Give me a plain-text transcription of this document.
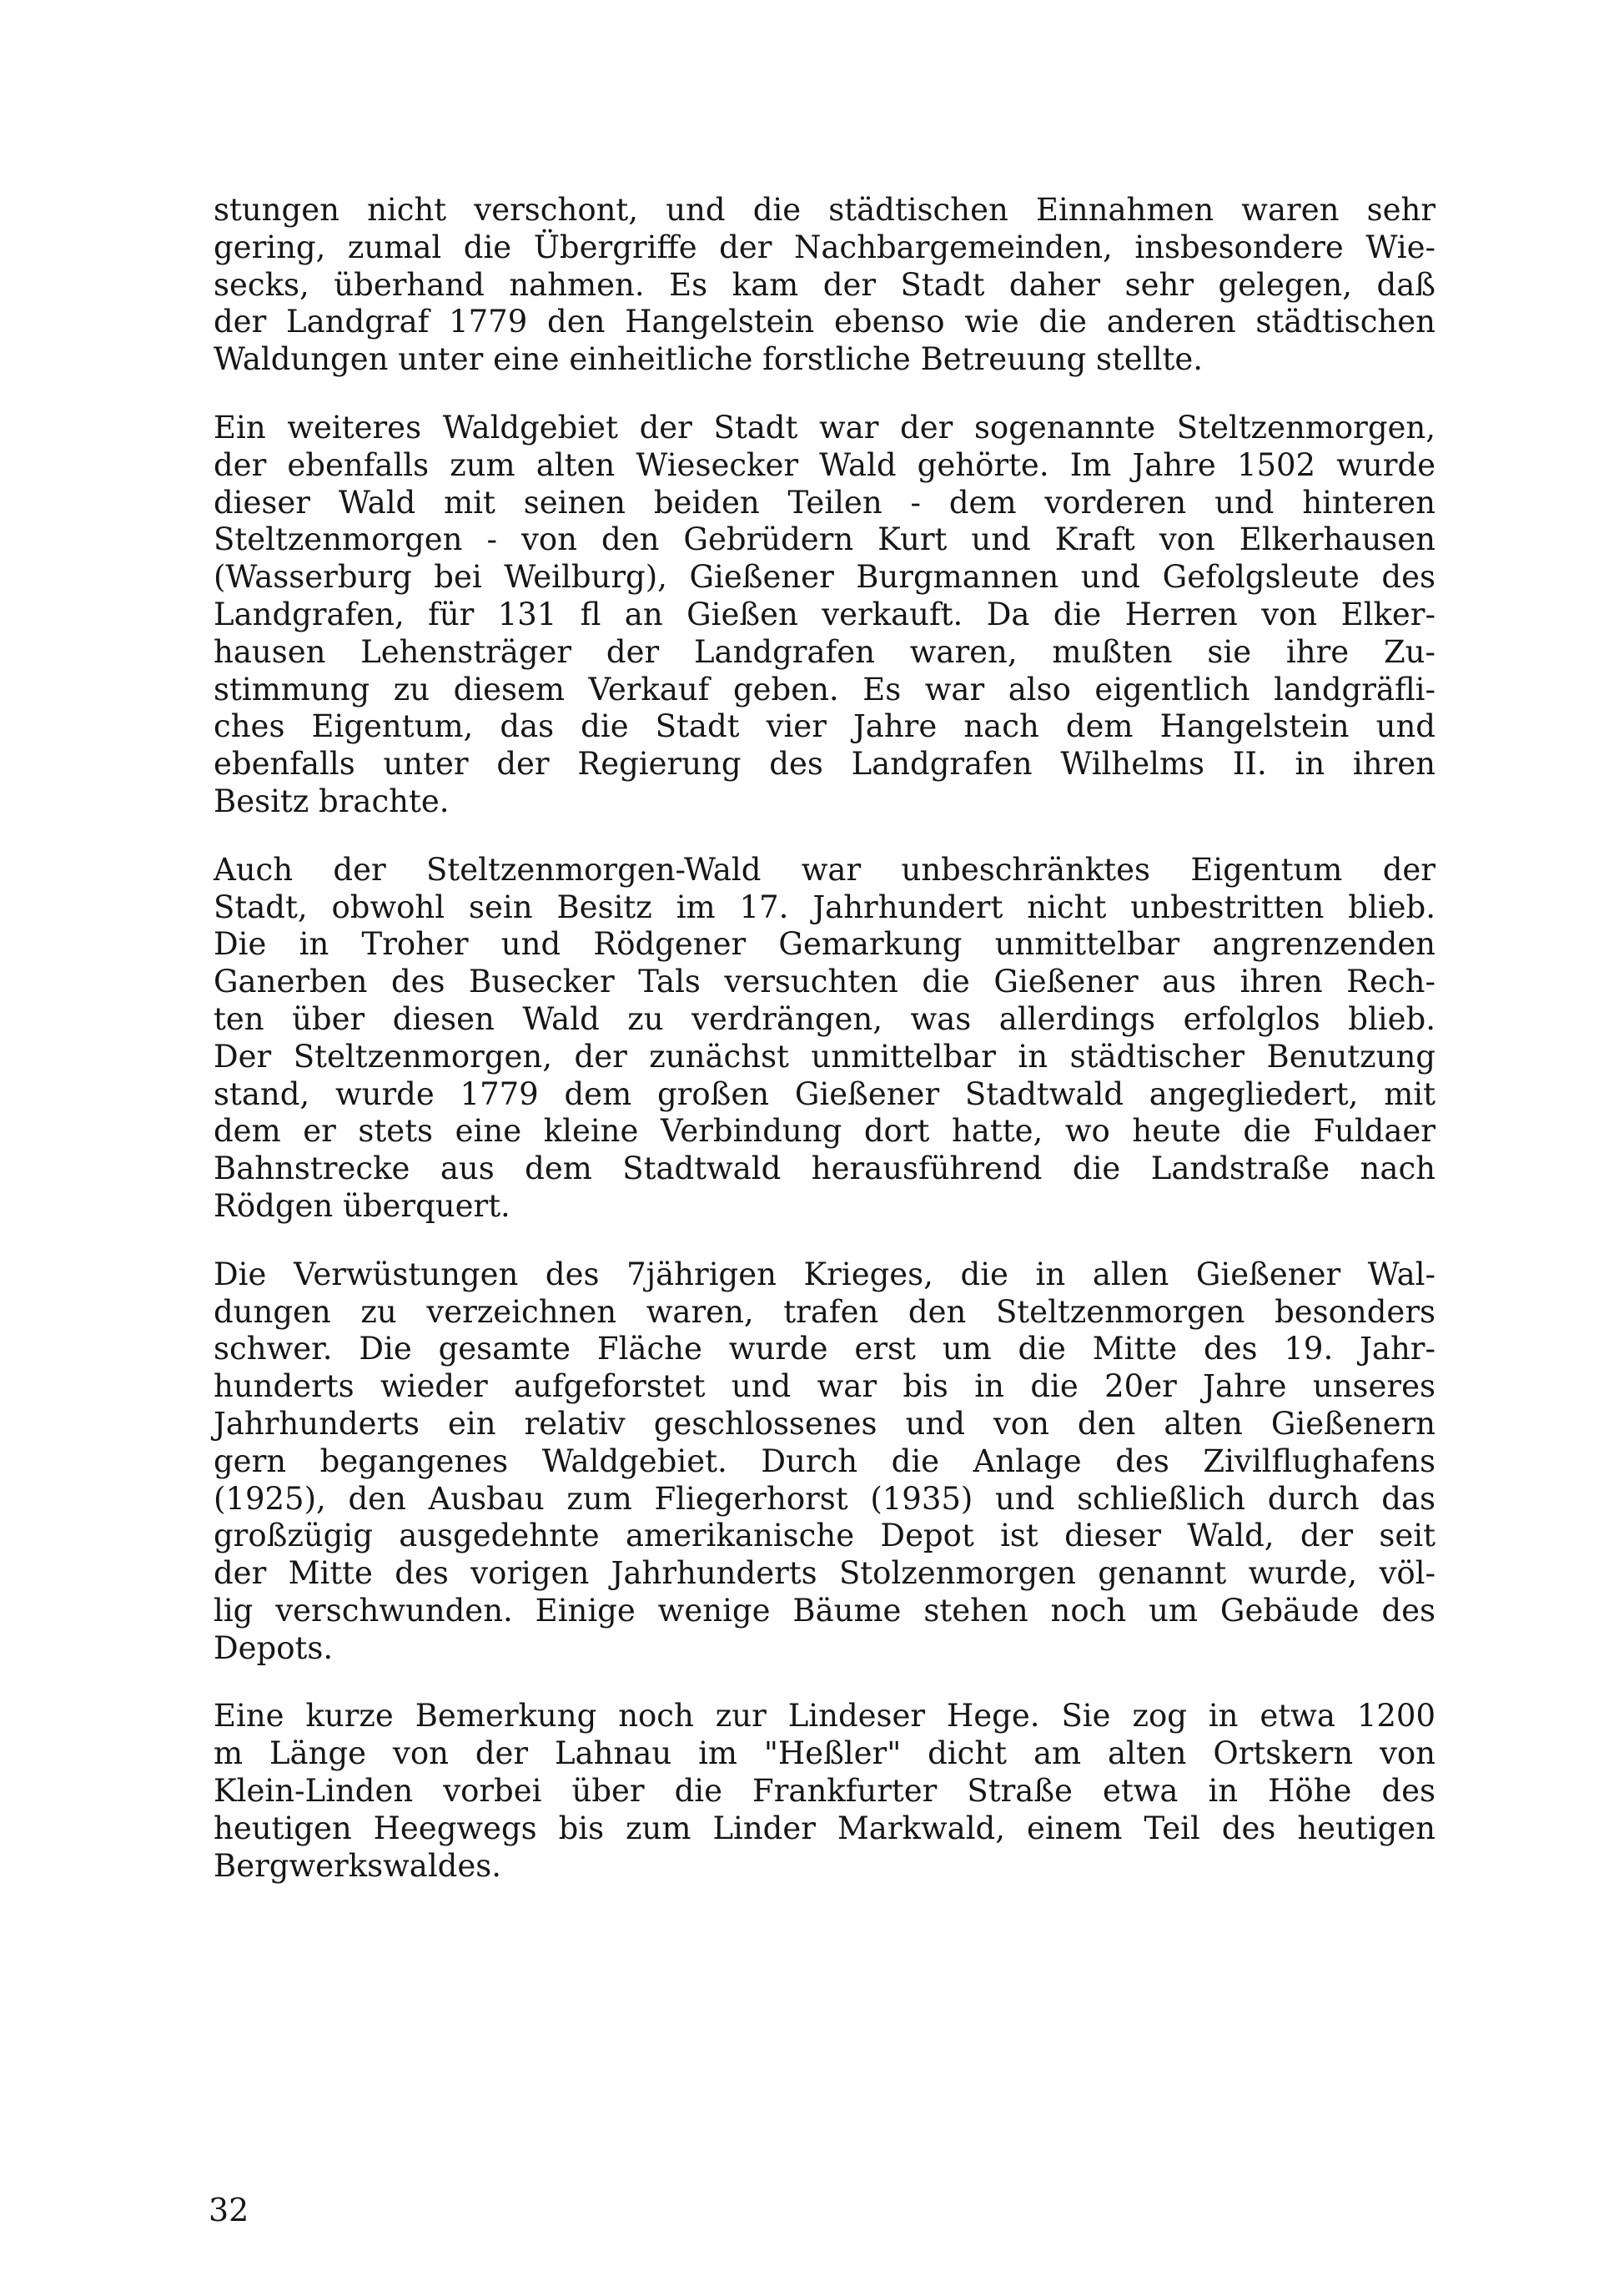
stungen nicht verschont, und die städtischen Einnahmen waren sehr
gering, zumal die Übergriffe der Nachbargemeinden, insbesondere Wie-
secks, überhand nahmen. Es kam der Stadt daher sehr gelegen, daß
der Landgraf 1779 den Hangelstein ebenso wie die anderen städtischen
Waldungen unter eine einheitliche forstliche Betreuung stellte.

Ein weiteres Waldgebiet der Stadt war der sogenannte Steltzenmorgen,
der ebenfalls zum alten Wiesecker Wald gehörte. Im Jahre 1502 wurde
dieser Wald mit seinen beiden Teilen - dem vorderen und hinteren
Steltzenmorgen - von den Gebrüdern Kurt und Kraft von Elkerhausen
(Wasserburg bei Weilburg), Gießener Burgmannen und Gefolgsleute des
Landgrafen, für 131 fl an Gießen verkauft. Da die Herren von Elker-
hausen Lehensträger der Landgrafen waren, mußten sie ihre Zu-
stimmung zu diesem Verkauf geben. Es war also eigentlich landgräfli-
ches Eigentum, das die Stadt vier Jahre nach dem Hangelstein und
ebenfalls unter der Regierung des Landgrafen Wilhelms II. in ihren
Besitz brachte.

Auch der Steltzenmorgen-Wald war unbeschränktes Eigentum der
Stadt, obwohl sein Besitz im 17. Jahrhundert nicht unbestritten blieb.
Die in Troher und Rödgener Gemarkung unmittelbar angrenzenden
Ganerben des Busecker Tals versuchten die Gießener aus ihren Rech-
ten über diesen Wald zu verdrängen, was allerdings erfolglos blieb.
Der Steltzenmorgen, der zunächst unmittelbar in städtischer Benutzung
stand, wurde 1779 dem großen Gießener Stadtwald angegliedert, mit
dem er stets eine kleine Verbindung dort hatte, wo heute die Fuldaer
Bahnstrecke aus dem Stadtwald herausführend die Landstraße nach
Rödgen überquert.

Die Verwüstungen des 7jährigen Krieges, die in allen Gießener Wal-
dungen zu verzeichnen waren, trafen den Steltzenmorgen besonders
schwer. Die gesamte Fläche wurde erst um die Mitte des 19. Jahr-
hunderts wieder aufgeforstet und war bis in die 20er Jahre unseres
Jahrhunderts ein relativ geschlossenes und von den alten Gießenern
gern begangenes Waldgebiet. Durch die Anlage des Zivilflughafens
(1925), den Ausbau zum Fliegerhorst (1935) und schließlich durch das
großzügig ausgedehnte amerikanische Depot ist dieser Wald, der seit
der Mitte des vorigen Jahrhunderts Stolzenmorgen genannt wurde, völ-
lig verschwunden. Einige wenige Bäume stehen noch um Gebäude des
Depots.

Eine kurze Bemerkung noch zur Lindeser Hege. Sie zog in etwa 1200
m Länge von der Lahnau im "Heßler" dicht am alten Ortskern von
Klein-Linden vorbei über die Frankfurter Straße etwa in Höhe des
heutigen Heegwegs bis zum Linder Markwald, einem Teil des heutigen
Bergwerkswaldes.

32
